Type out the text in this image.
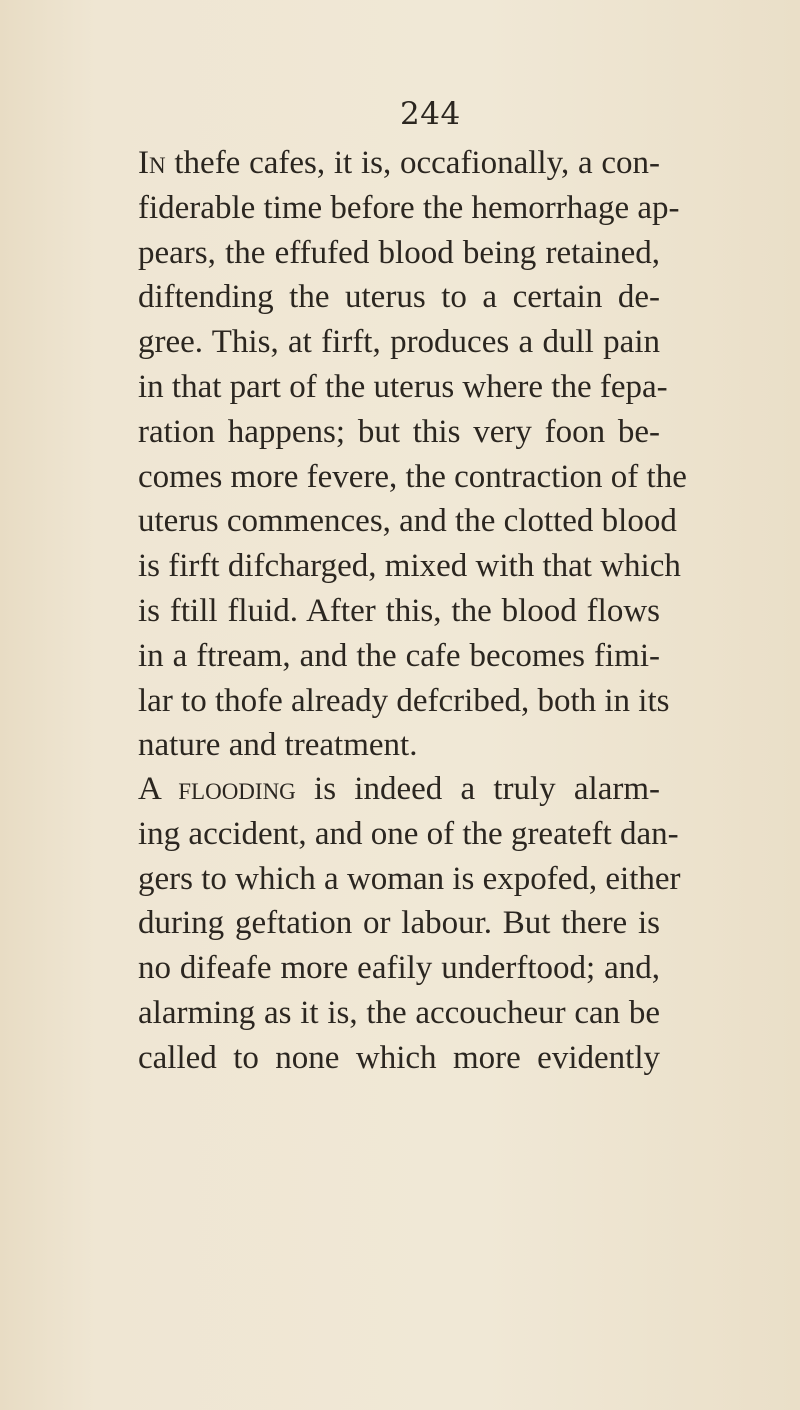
244
In thefe cafes, it is, occafionally, a con-
fiderable time before the hemorrhage ap-
pears, the effufed blood being retained,
diftending the uterus to a certain de-
gree. This, at firft, produces a dull pain
in that part of the uterus where the fepa-
ration happens; but this very foon be-
comes more fevere, the contraction of the
uterus commences, and the clotted blood
is firft difcharged, mixed with that which
is ftill fluid. After this, the blood flows
in a ftream, and the cafe becomes fimi-
lar to thofe already defcribed, both in its
nature and treatment.
A flooding is indeed a truly alarm-
ing accident, and one of the greateft dan-
gers to which a woman is expofed, either
during geftation or labour. But there is
no difeafe more eafily underftood; and,
alarming as it is, the accoucheur can be
called to none which more evidently
